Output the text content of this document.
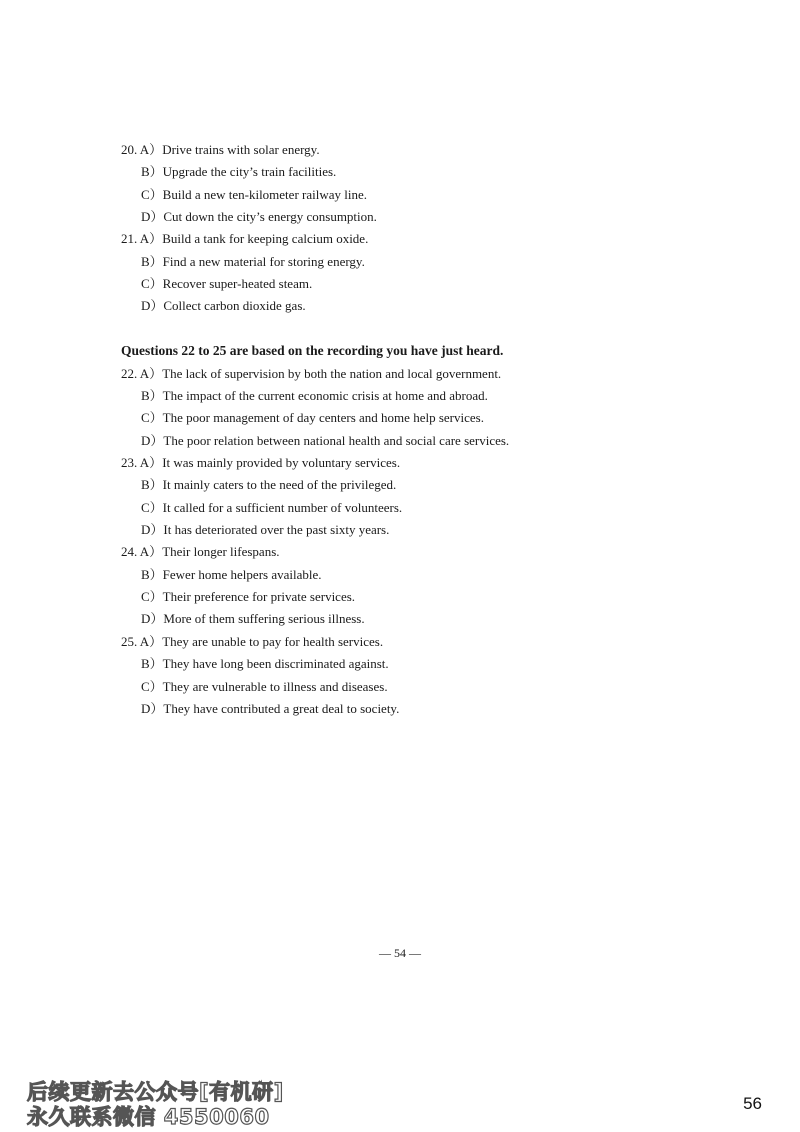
20. A）Drive trains with solar energy.
B）Upgrade the city’s train facilities.
C）Build a new ten-kilometer railway line.
D）Cut down the city’s energy consumption.
21. A）Build a tank for keeping calcium oxide.
B）Find a new material for storing energy.
C）Recover super-heated steam.
D）Collect carbon dioxide gas.
Questions 22 to 25 are based on the recording you have just heard.
22. A）The lack of supervision by both the nation and local government.
B）The impact of the current economic crisis at home and abroad.
C）The poor management of day centers and home help services.
D）The poor relation between national health and social care services.
23. A）It was mainly provided by voluntary services.
B）It mainly caters to the need of the privileged.
C）It called for a sufficient number of volunteers.
D）It has deteriorated over the past sixty years.
24. A）Their longer lifespans.
B）Fewer home helpers available.
C）Their preference for private services.
D）More of them suffering serious illness.
25. A）They are unable to pay for health services.
B）They have long been discriminated against.
C）They are vulnerable to illness and diseases.
D）They have contributed a great deal to society.
— 54 —
后续更新去公众号[有机研]
永久联系微信 4550060
56
